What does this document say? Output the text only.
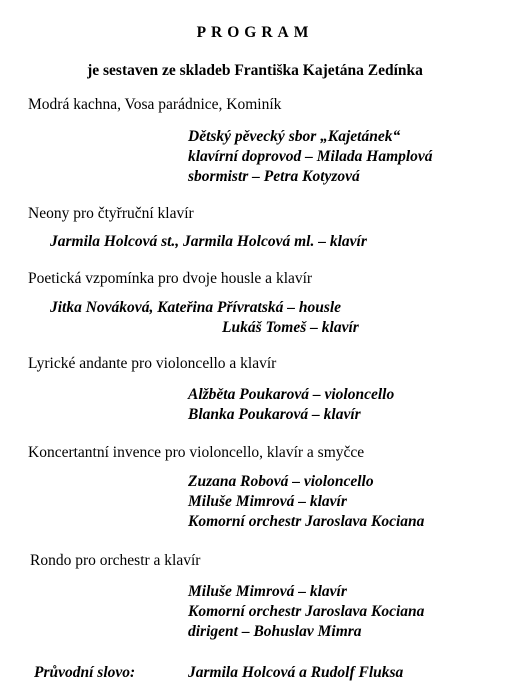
PROGRAM
je sestaven ze skladeb Františka Kajetána Zedínka
Modrá kachna, Vosa parádnice, Kominík
Dětský pěvecký sbor „Kajetánek“
klavírní doprovod – Milada Hamplová
sbormistr – Petra Kotyzová
Neony pro čtyřruční klavír
Jarmila Holcová st., Jarmila Holcová ml. – klavír
Poetická vzpomínka pro dvoje housle a klavír
Jitka Nováková, Kateřina Přívratská – housle
Lukáš Tomeš – klavír
Lyrické andante pro violoncello a klavír
Alžběta Poukarová – violoncello
Blanka Poukarová – klavír
Koncertantní invence pro violoncello, klavír a smyčce
Zuzana Robová – violoncello
Miluše Mimrová – klavír
Komorní orchestr Jaroslava Kociana
Rondo pro orchestr a klavír
Miluše Mimrová – klavír
Komorní orchestr Jaroslava Kociana
dirigent – Bohuslav Mimra
Průvodní slovo:	Jarmila Holcová a Rudolf Fluksa
